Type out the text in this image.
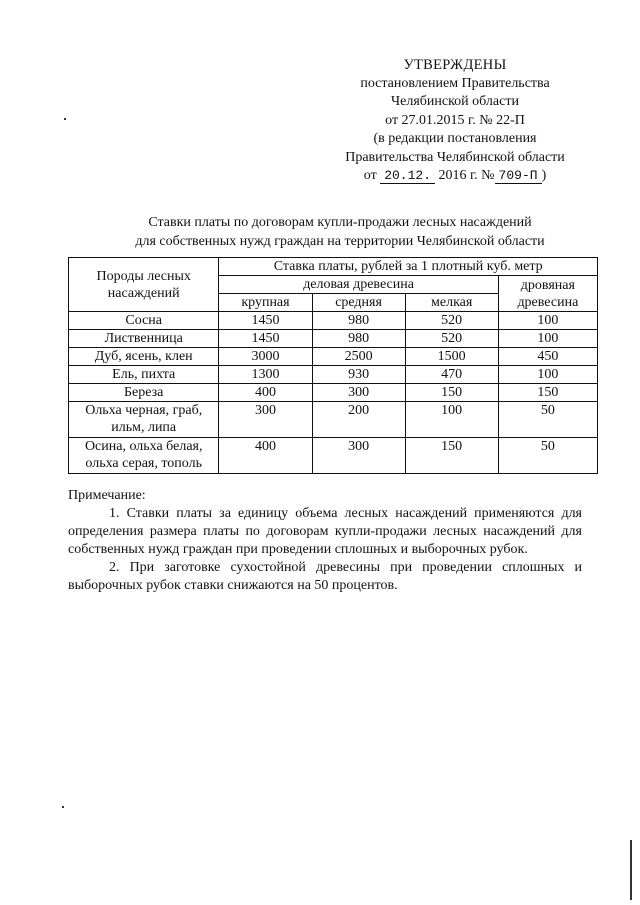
УТВЕРЖДЕНЫ
постановлением Правительства
Челябинской области
от 27.01.2015 г. № 22-П
(в редакции постановления
Правительства Челябинской области
от 20.12. 2016 г. № 709-П )
Ставки платы по договорам купли-продажи лесных насаждений
для собственных нужд граждан на территории Челябинской области
Породы лесных насаждений	Ставка платы, рублей за 1 плотный куб. метр			
	деловая древесина			дровяная древесина
	крупная	средняя	мелкая	
Сосна	1450	980	520	100
Лиственница	1450	980	520	100
Дуб, ясень, клен	3000	2500	1500	450
Ель, пихта	1300	930	470	100
Береза	400	300	150	150
Ольха черная, граб, ильм, липа	300	200	100	50
Осина, ольха белая, ольха серая, тополь	400	300	150	50

Примечание:

1. Ставки платы за единицу объема лесных насаждений применяются для определения размера платы по договорам купли-продажи лесных насаждений для собственных нужд граждан при проведении сплошных и выборочных рубок.

2. При заготовке сухостойной древесины при проведении сплошных и выборочных рубок ставки снижаются на 50 процентов.
